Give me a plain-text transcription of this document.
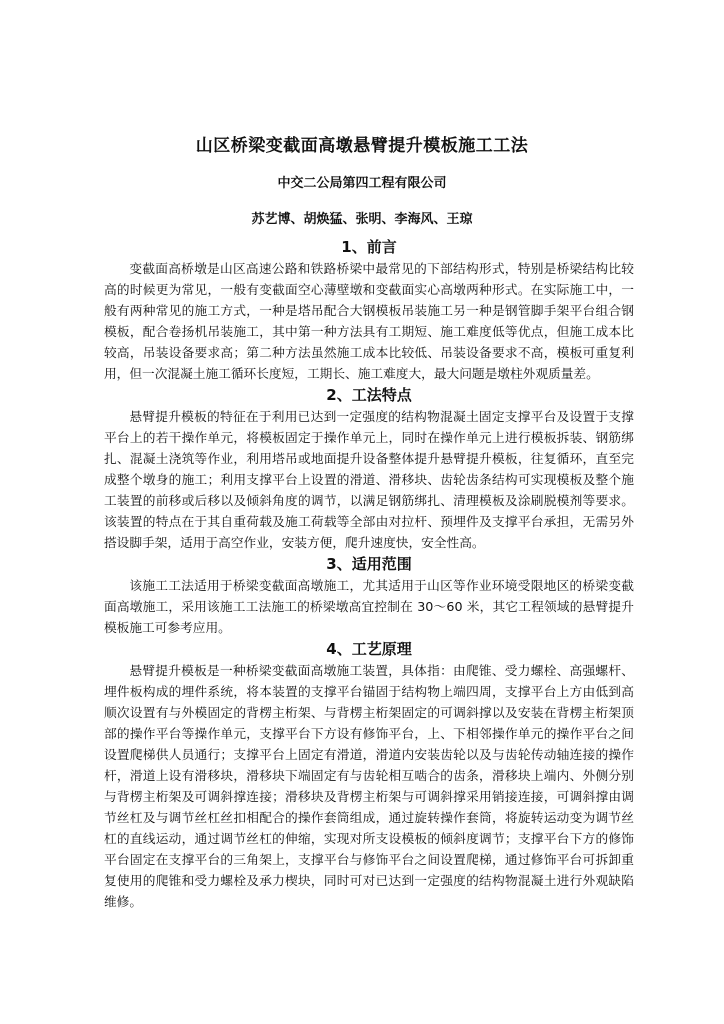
山区桥梁变截面高墩悬臂提升模板施工工法
中交二公局第四工程有限公司
苏艺博、胡焕猛、张明、李海风、王琼
1、前言

变截面高桥墩是山区高速公路和铁路桥梁中最常见的下部结构形式，特别是桥梁结构比较高的时候更为常见，一般有变截面空心薄壁墩和变截面实心高墩两种形式。在实际施工中，一般有两种常见的施工方式，一种是塔吊配合大钢模板吊装施工另一种是钢管脚手架平台组合钢模板，配合卷扬机吊装施工，其中第一种方法具有工期短、施工难度低等优点，但施工成本比较高，吊装设备要求高；第二种方法虽然施工成本比较低、吊装设备要求不高，模板可重复利用，但一次混凝土施工循环长度短，工期长、施工难度大，最大问题是墩柱外观质量差。

2、工法特点

悬臂提升模板的特征在于利用已达到一定强度的结构物混凝土固定支撑平台及设置于支撑平台上的若干操作单元，将模板固定于操作单元上，同时在操作单元上进行模板拆装、钢筋绑扎、混凝土浇筑等作业，利用塔吊或地面提升设备整体提升悬臂提升模板，往复循环，直至完成整个墩身的施工；利用支撑平台上设置的滑道、滑移块、齿轮齿条结构可实现模板及整个施工装置的前移或后移以及倾斜角度的调节，以满足钢筋绑扎、清理模板及涂刷脱模剂等要求。该装置的特点在于其自重荷载及施工荷载等全部由对拉杆、预埋件及支撑平台承担，无需另外搭设脚手架，适用于高空作业，安装方便，爬升速度快，安全性高。

3、适用范围

该施工工法适用于桥梁变截面高墩施工，尤其适用于山区等作业环境受限地区的桥梁变截面高墩施工，采用该施工工法施工的桥梁墩高宜控制在 30～60 米，其它工程领域的悬臂提升模板施工可参考应用。

4、工艺原理

悬臂提升模板是一种桥梁变截面高墩施工装置，具体指：由爬锥、受力螺栓、高强螺杆、埋件板构成的埋件系统，将本装置的支撑平台锚固于结构物上端四周，支撑平台上方由低到高顺次设置有与外模固定的背楞主桁架、与背楞主桁架固定的可调斜撑以及安装在背楞主桁架顶部的操作平台等操作单元，支撑平台下方设有修饰平台，上、下相邻操作单元的操作平台之间设置爬梯供人员通行；支撑平台上固定有滑道，滑道内安装齿轮以及与齿轮传动轴连接的操作杆，滑道上设有滑移块，滑移块下端固定有与齿轮相互啮合的齿条，滑移块上端内、外侧分别与背楞主桁架及可调斜撑连接；滑移块及背楞主桁架与可调斜撑采用销接连接，可调斜撑由调节丝杠及与调节丝杠丝扣相配合的操作套筒组成，通过旋转操作套筒，将旋转运动变为调节丝杠的直线运动，通过调节丝杠的伸缩，实现对所支设模板的倾斜度调节；支撑平台下方的修饰平台固定在支撑平台的三角架上，支撑平台与修饰平台之间设置爬梯，通过修饰平台可拆卸重复使用的爬锥和受力螺栓及承力楔块，同时可对已达到一定强度的结构物混凝土进行外观缺陷维修。
